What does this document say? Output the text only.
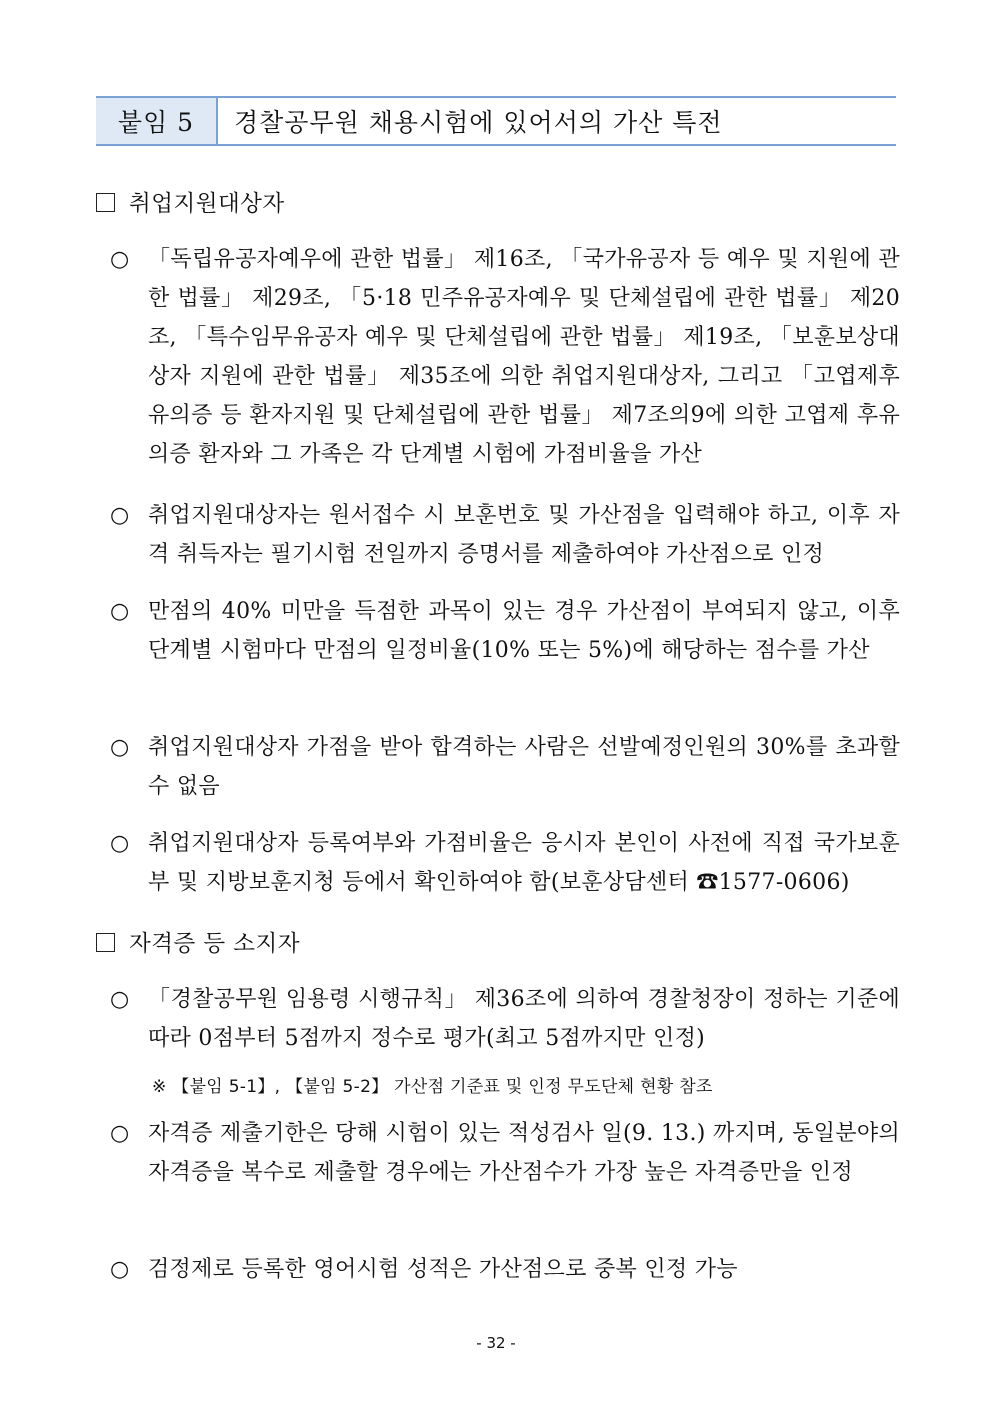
붙임 5	경찰공무원 채용시험에 있어서의 가산 특전
취업지원대상자
○ 「독립유공자예우에 관한 법률」 제16조, 「국가유공자 등 예우 및 지원에 관한 법률」 제29조, 「5·18 민주유공자예우 및 단체설립에 관한 법률」 제20조, 「특수임무유공자 예우 및 단체설립에 관한 법률」 제19조, 「보훈보상대상자 지원에 관한 법률」 제35조에 의한 취업지원대상자, 그리고 「고엽제후유의증 등 환자지원 및 단체설립에 관한 법률」 제7조의9에 의한 고엽제 후유의증 환자와 그 가족은 각 단계별 시험에 가점비율을 가산
○ 취업지원대상자는 원서접수 시 보훈번호 및 가산점을 입력해야 하고, 이후 자격 취득자는 필기시험 전일까지 증명서를 제출하여야 가산점으로 인정
○ 만점의 40% 미만을 득점한 과목이 있는 경우 가산점이 부여되지 않고, 이후 단계별 시험마다 만점의 일정비율(10% 또는 5%)에 해당하는 점수를 가산
○ 취업지원대상자 가점을 받아 합격하는 사람은 선발예정인원의 30%를 초과할 수 없음
○ 취업지원대상자 등록여부와 가점비율은 응시자 본인이 사전에 직접 국가보훈부 및 지방보훈지청 등에서 확인하여야 함(보훈상담센터 ☎1577-0606)
자격증 등 소지자
○ 「경찰공무원 임용령 시행규칙」 제36조에 의하여 경찰청장이 정하는 기준에 따라 0점부터 5점까지 정수로 평가(최고 5점까지만 인정)
※ 【붙임 5-1】, 【붙임 5-2】 가산점 기준표 및 인정 무도단체 현황 참조
○ 자격증 제출기한은 당해 시험이 있는 적성검사 일(9. 13.) 까지며, 동일분야의 자격증을 복수로 제출할 경우에는 가산점수가 가장 높은 자격증만을 인정
○ 검정제로 등록한 영어시험 성적은 가산점으로 중복 인정 가능
- 32 -
